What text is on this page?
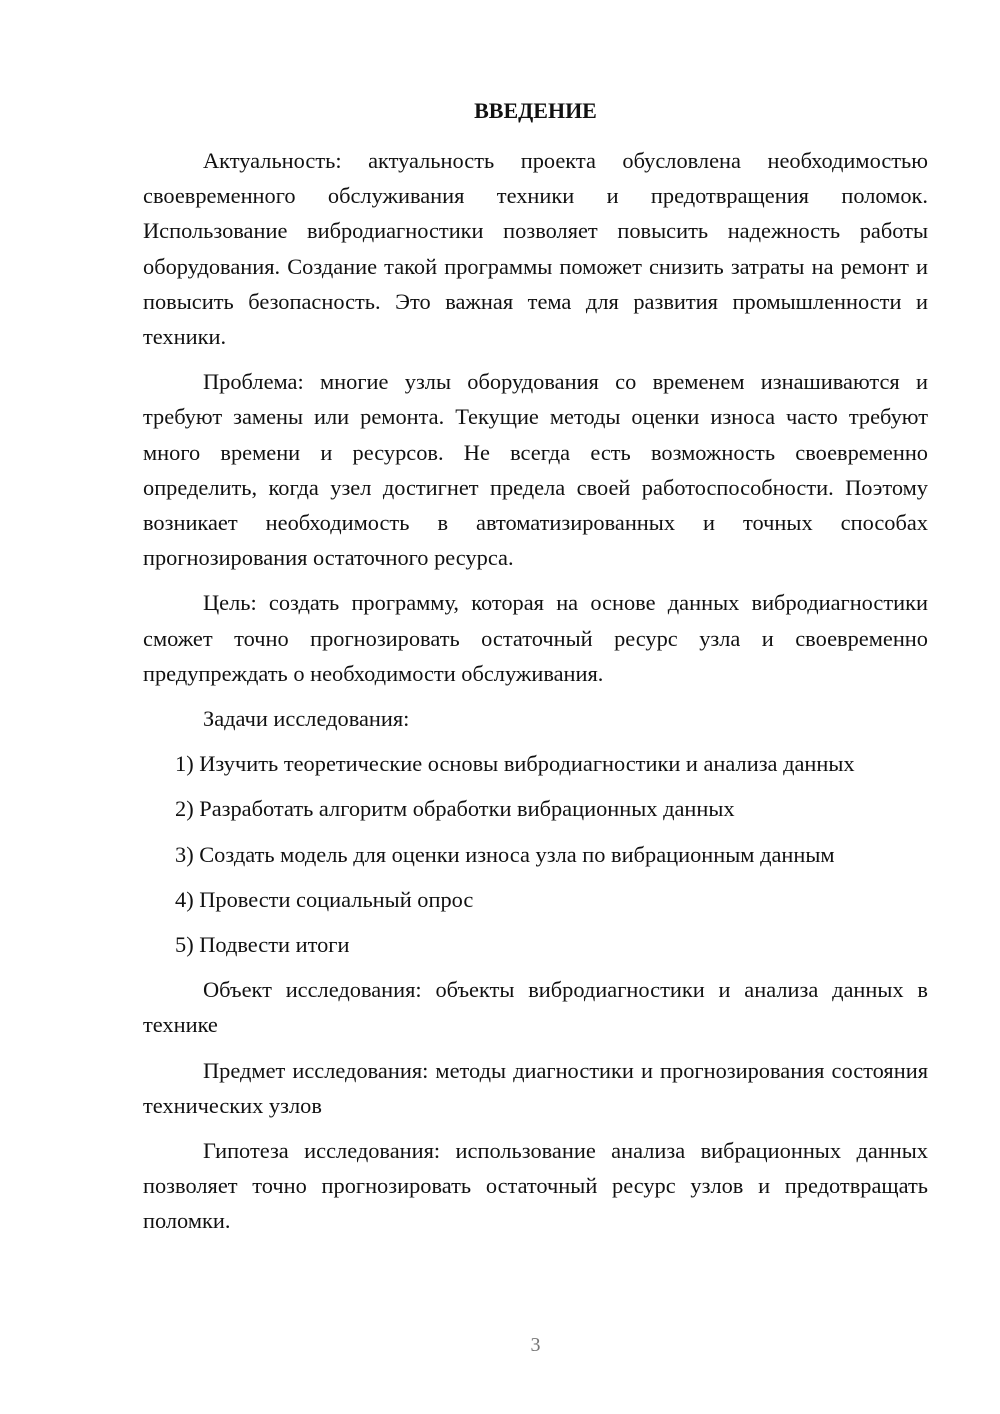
ВВЕДЕНИЕ

Актуальность: актуальность проекта обусловлена необходимостью своевременного обслуживания техники и предотвращения поломок. Использование вибродиагностики позволяет повысить надежность работы оборудования. Создание такой программы поможет снизить затраты на ремонт и повысить безопасность. Это важная тема для развития промышленности и техники.

Проблема: многие узлы оборудования со временем изнашиваются и требуют замены или ремонта. Текущие методы оценки износа часто требуют много времени и ресурсов. Не всегда есть возможность своевременно определить, когда узел достигнет предела своей работоспособности. Поэтому возникает необходимость в автоматизированных и точных способах прогнозирования остаточного ресурса.

Цель: создать программу, которая на основе данных вибродиагностики сможет точно прогнозировать остаточный ресурс узла и своевременно предупреждать о необходимости обслуживания.

Задачи исследования:

1) Изучить теоретические основы вибродиагностики и анализа данных
2) Разработать алгоритм обработки вибрационных данных
3) Создать модель для оценки износа узла по вибрационным данным
4) Провести социальный опрос
5) Подвести итоги

Объект исследования: объекты вибродиагностики и анализа данных в технике

Предмет исследования: методы диагностики и прогнозирования состояния технических узлов

Гипотеза исследования: использование анализа вибрационных данных позволяет точно прогнозировать остаточный ресурс узлов и предотвращать поломки.

3
